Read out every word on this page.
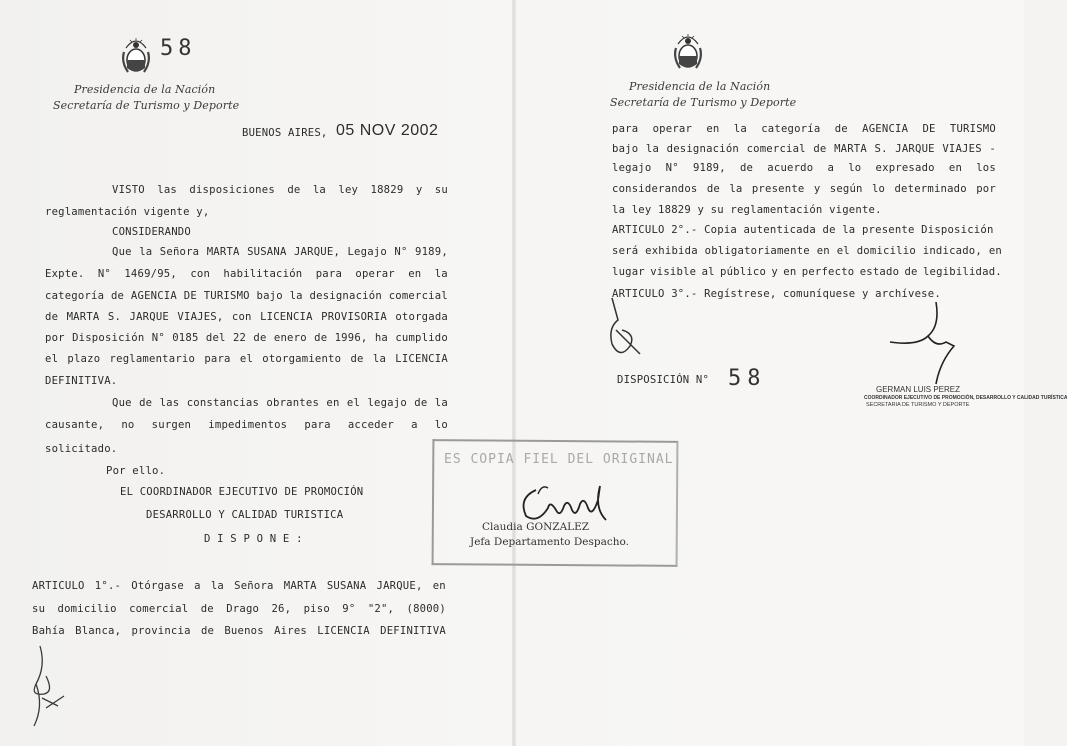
58
Presidencia de la Nación
Secretaría de Turismo y Deporte
BUENOS AIRES, 05 NOV 2002
VISTO las disposiciones de la ley 18829 y su
reglamentación vigente y,
CONSIDERANDO
Que la Señora MARTA SUSANA JARQUE, Legajo N° 9189,
Expte. N° 1469/95, con habilitación para operar en la
categoría de AGENCIA DE TURISMO bajo la designación comercial
de MARTA S. JARQUE VIAJES, con LICENCIA PROVISORIA otorgada
por Disposición N° 0185 del 22 de enero de 1996, ha cumplido
el plazo reglamentario para el otorgamiento de la LICENCIA
DEFINITIVA.
Que de las constancias obrantes en el legajo de la
causante, no surgen impedimentos para acceder a lo
solicitado.
Por ello.
EL COORDINADOR EJECUTIVO DE PROMOCIÓN
DESARROLLO Y CALIDAD TURISTICA
D I S P O N E :
ARTICULO 1°.- Otórgase a la Señora MARTA SUSANA JARQUE, en
su domicilio comercial de Drago 26, piso 9° "2", (8000)
Bahía Blanca, provincia de Buenos Aires LICENCIA DEFINITIVA
ES COPIA FIEL DEL ORIGINAL
Claudia GONZALEZ
Jefa Departamento Despacho.
Presidencia de la Nación
Secretaría de Turismo y Deporte
para operar en la categoría de AGENCIA DE TURISMO
bajo la designación comercial de MARTA S. JARQUE VIAJES -
legajo N° 9189, de acuerdo a lo expresado en los
considerandos de la presente y según lo determinado por
la ley 18829 y su reglamentación vigente.
ARTICULO 2°.- Copia autenticada de la presente Disposición
será exhibida obligatoriamente en el domicilio indicado, en
lugar visible al público y en perfecto estado de legibilidad.
ARTICULO 3°.- Regístrese, comuníquese y archívese.
DISPOSICIÓN N° 58	GERMAN LUIS PEREZ
COORDINADOR EJECUTIVO DE PROMOCIÓN, DESARROLLO Y CALIDAD TURÍSTICA
SECRETARIA DE TURISMO Y DEPORTE
